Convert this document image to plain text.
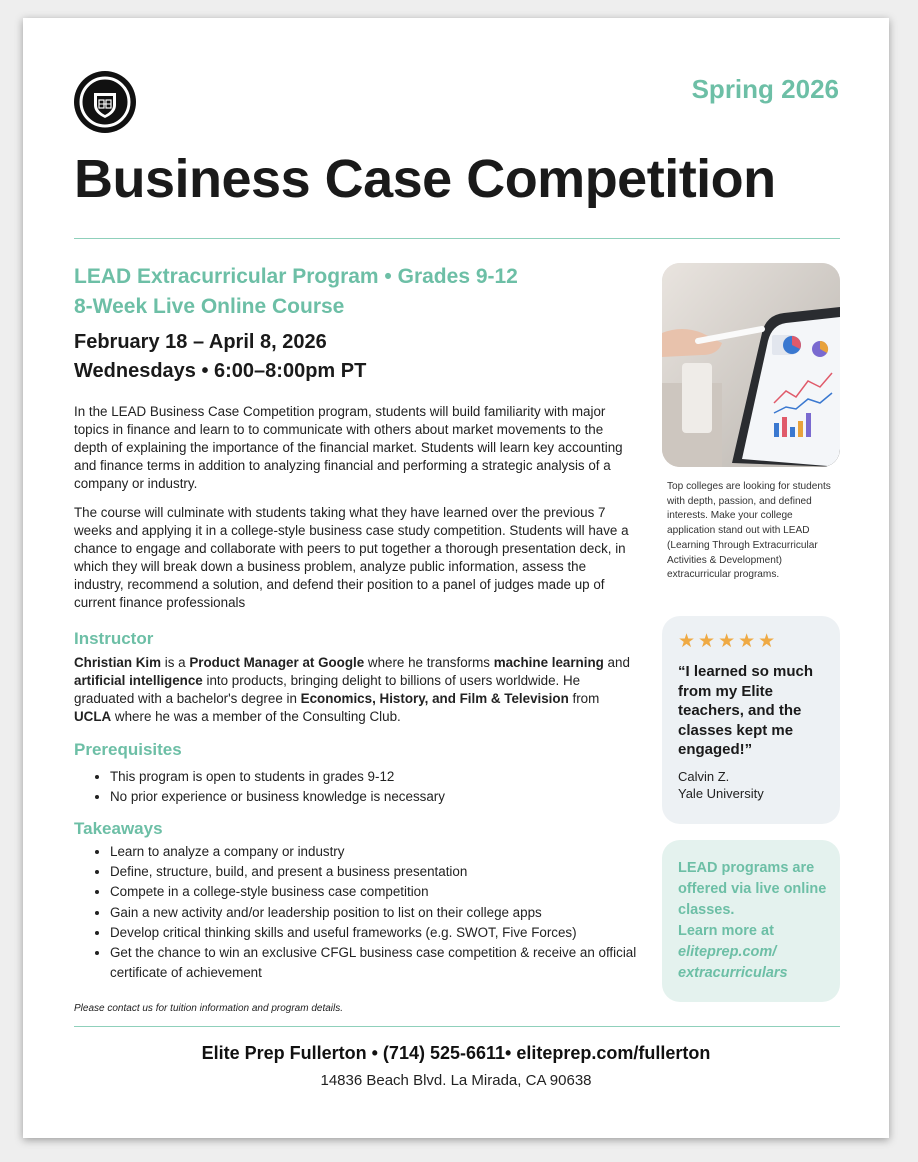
Spring 2026
Business Case Competition
LEAD Extracurricular Program • Grades 9-12
8-Week Live Online Course
February 18 – April 8, 2026
Wednesdays • 6:00–8:00pm PT
In the LEAD Business Case Competition program, students will build familiarity with major topics in finance and learn to to communicate with others about market movements to the depth of explaining the importance of the financial market. Students will learn key accounting and finance terms in addition to analyzing financial and performing a strategic analysis of a company or industry.
The course will culminate with students taking what they have learned over the previous 7 weeks and applying it in a college-style business case study competition. Students will have a chance to engage and collaborate with peers to put together a thorough presentation deck, in which they will break down a business problem, analyze public information, assess the industry, recommend a solution, and defend their position to a panel of judges made up of current finance professionals
Instructor
Christian Kim is a Product Manager at Google where he transforms machine learning and artificial intelligence into products, bringing delight to billions of users worldwide. He graduated with a bachelor's degree in Economics, History, and Film & Television from UCLA where he was a member of the Consulting Club.
Prerequisites
• This program is open to students in grades 9-12
• No prior experience or business knowledge is necessary
Takeaways
• Learn to analyze a company or industry
• Define, structure, build, and present a business presentation
• Compete in a college-style business case competition
• Gain a new activity and/or leadership position to list on their college apps
• Develop critical thinking skills and useful frameworks (e.g. SWOT, Five Forces)
• Get the chance to win an exclusive CFGL business case competition & receive an official certificate of achievement
Please contact us for tuition information and program details.
Elite Prep Fullerton • (714) 525-6611• eliteprep.com/fullerton
14836 Beach Blvd. La Mirada, CA 90638
Top colleges are looking for students with depth, passion, and defined interests. Make your college application stand out with LEAD (Learning Through Extracurricular Activities & Development) extracurricular programs.
★★★★★
“I learned so much from my Elite teachers, and the classes kept me engaged!”
Calvin Z.
Yale University
LEAD programs are offered via live online classes.
Learn more at
eliteprep.com/ extracurriculars
